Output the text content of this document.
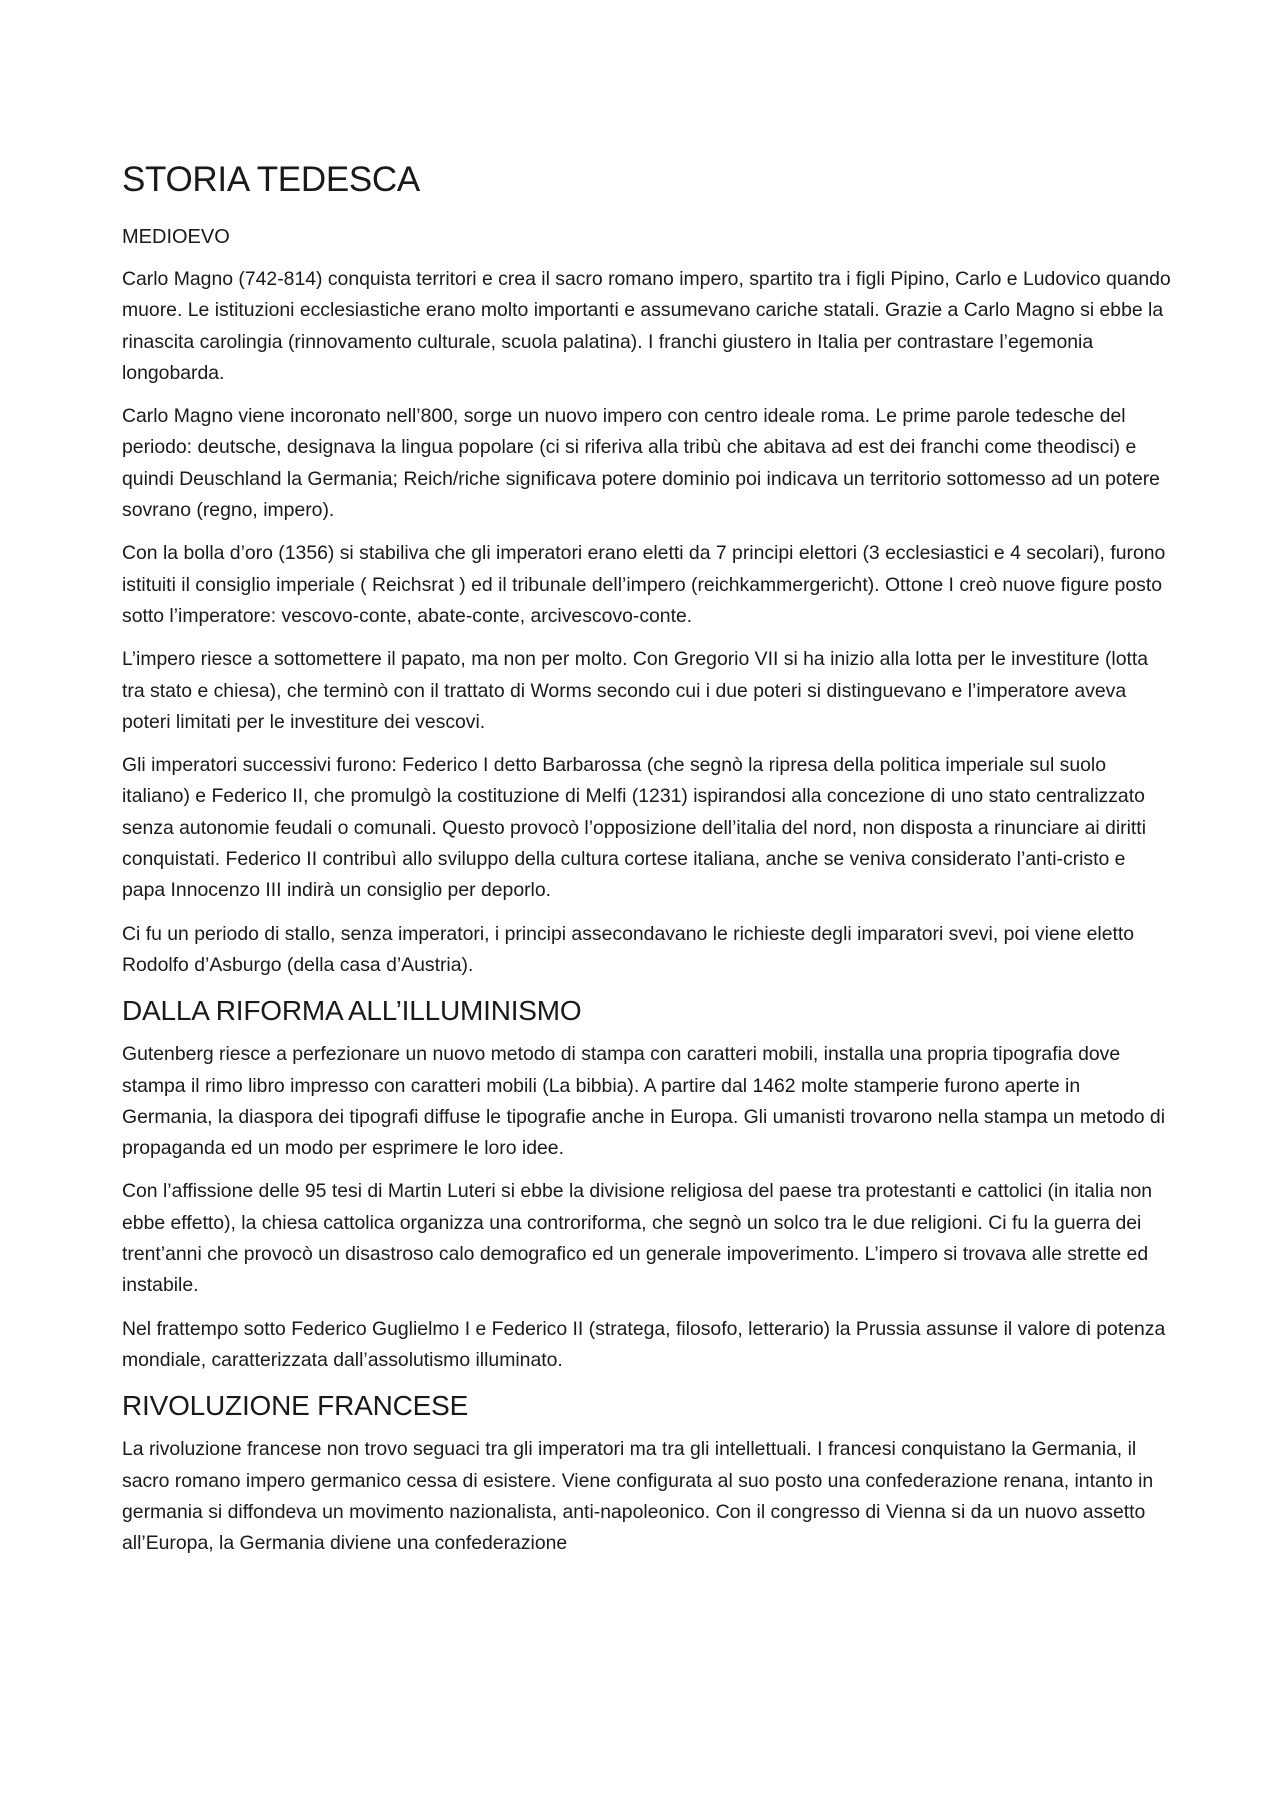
STORIA TEDESCA
MEDIOEVO

Carlo Magno (742-814) conquista territori e crea il sacro romano impero, spartito tra i figli Pipino, Carlo e Ludovico quando muore. Le istituzioni ecclesiastiche erano molto importanti e assumevano cariche statali. Grazie a Carlo Magno si ebbe la rinascita carolingia (rinnovamento culturale, scuola palatina). I franchi giustero in Italia per contrastare l’egemonia longobarda.

Carlo Magno viene incoronato nell’800, sorge un nuovo impero con centro ideale roma. Le prime parole tedesche del periodo: deutsche, designava la lingua popolare (ci si riferiva alla tribù che abitava ad est dei franchi come theodisci) e quindi Deuschland la Germania; Reich/riche significava potere dominio poi indicava un territorio sottomesso ad un potere sovrano (regno, impero).

Con la bolla d’oro (1356) si stabiliva che gli imperatori erano eletti da 7 principi elettori (3 ecclesiastici e 4 secolari), furono istituiti il consiglio imperiale ( Reichsrat ) ed il tribunale dell’impero (reichkammergericht). Ottone I creò nuove figure posto sotto l’imperatore: vescovo-conte, abate-conte, arcivescovo-conte.

L’impero riesce a sottomettere il papato, ma non per molto. Con Gregorio VII si ha inizio alla lotta per le investiture (lotta tra stato e chiesa), che terminò con il trattato di Worms secondo cui i due poteri si distinguevano e l’imperatore aveva poteri limitati per le investiture dei vescovi.

Gli imperatori successivi furono: Federico I detto Barbarossa (che segnò la ripresa della politica imperiale sul suolo italiano) e Federico II, che promulgò la costituzione di Melfi (1231) ispirandosi alla concezione di uno stato centralizzato senza autonomie feudali o comunali. Questo provocò l’opposizione dell’italia del nord, non disposta a rinunciare ai diritti conquistati. Federico II contribuì allo sviluppo della cultura cortese italiana, anche se veniva considerato l’anti-cristo e papa Innocenzo III indirà un consiglio per deporlo.

Ci fu un periodo di stallo, senza imperatori, i principi assecondavano le richieste degli imparatori svevi, poi viene eletto Rodolfo d’Asburgo (della casa d’Austria).

DALLA RIFORMA ALL’ILLUMINISMO

Gutenberg riesce a perfezionare un nuovo metodo di stampa con caratteri mobili, installa una propria tipografia dove stampa il rimo libro impresso con caratteri mobili (La bibbia). A partire dal 1462 molte stamperie furono aperte in Germania, la diaspora dei tipografi diffuse le tipografie anche in Europa. Gli umanisti trovarono nella stampa un metodo di propaganda ed un modo per esprimere le loro idee.

Con l’affissione delle 95 tesi di Martin Luteri si ebbe la divisione religiosa del paese tra protestanti e cattolici (in italia non ebbe effetto), la chiesa cattolica organizza una controriforma, che segnò un solco tra le due religioni. Ci fu la guerra dei trent’anni che provocò un disastroso calo demografico ed un generale impoverimento. L’impero si trovava alle strette ed instabile.

Nel frattempo sotto Federico Guglielmo I e Federico II (stratega, filosofo, letterario) la Prussia assunse il valore di potenza mondiale, caratterizzata dall’assolutismo illuminato.

RIVOLUZIONE FRANCESE

La rivoluzione francese non trovo seguaci tra gli imperatori ma tra gli intellettuali. I francesi conquistano la Germania, il sacro romano impero germanico cessa di esistere. Viene configurata al suo posto una confederazione renana, intanto in germania si diffondeva un movimento nazionalista, anti-napoleonico. Con il congresso di Vienna si da un nuovo assetto all’Europa, la Germania diviene una confederazione
